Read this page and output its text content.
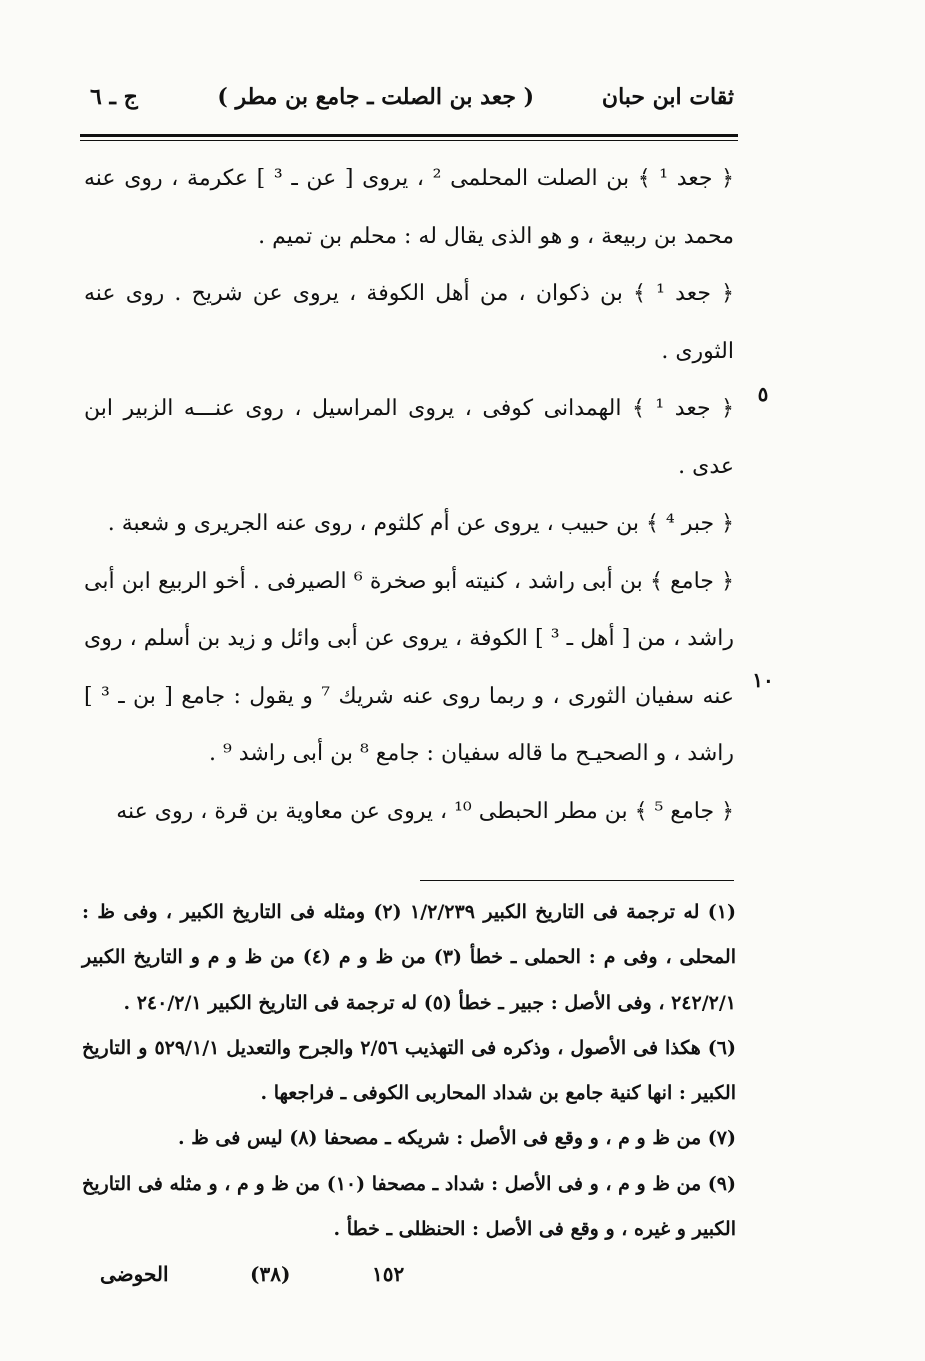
ثقات ابن حبان
( جعد بن الصلت ـ جامع بن مطر )
ج ـ ٦

﴿ جعد ¹ ﴾ بن الصلت المحلمى ² ، يروى [ عن ـ ³ ] عكرمة ، روى عنه محمد بن ربيعة ، و هو الذى يقال له : محلم بن تميم .

﴿ جعد ¹ ﴾ بن ذكوان ، من أهل الكوفة ، يروى عن شريح . روى عنه الثورى .

﴿ جعد ¹ ﴾ الهمدانى كوفى ، يروى المراسيل ، روى عنـــه الزبير ابن عدى .

﴿ جبر ⁴ ﴾ بن حبيب ، يروى عن أم كلثوم ، روى عنه الجريرى و شعبة .

﴿ جامع ﴾ بن أبى راشد ، كنيته أبو صخرة ⁶ الصيرفى . أخو الربيع ابن أبى راشد ، من [ أهل ـ ³ ] الكوفة ، يروى عن أبى وائل و زيد بن أسلم ، روى عنه سفيان الثورى ، و ربما روى عنه شريك ⁷ و يقول : جامع [ بن ـ ³ ] راشد ، و الصحيـح ما قاله سفيان : جامع ⁸ بن أبى راشد ⁹ .

﴿ جامع ⁵ ﴾ بن مطر الحبطى ¹⁰ ، يروى عن معاوية بن قرة ، روى عنه

٥
١٠

(١) له ترجمة فى التاريخ الكبير ١/٢/٢٣٩ (٢) ومثله فى التاريخ الكبير ، وفى ظ : المحلى ، وفى م : الحملى ـ خطأ (٣) من ظ و م (٤) من ظ و م و التاريخ الكبير ٢٤٢/٢/١ ، وفى الأصل : جبير ـ خطأ (٥) له ترجمة فى التاريخ الكبير ٢٤٠/٢/١ .

(٦) هكذا فى الأصول ، وذكره فى التهذيب ٢/٥٦ والجرح والتعديل ٥٢٩/١/١ و التاريخ الكبير : انها كنية جامع بن شداد المحاربى الكوفى ـ فراجعها .

(٧) من ظ و م ، و وقع فى الأصل : شريكه ـ مصحفا (٨) ليس فى ظ .

(٩) من ظ و م ، و فى الأصل : شداد ـ مصحفا (١٠) من ظ و م ، و مثله فى التاريخ الكبير و غيره ، و وقع فى الأصل : الحنظلى ـ خطأ .

١٥٢
(٣٨)
الحوضى
